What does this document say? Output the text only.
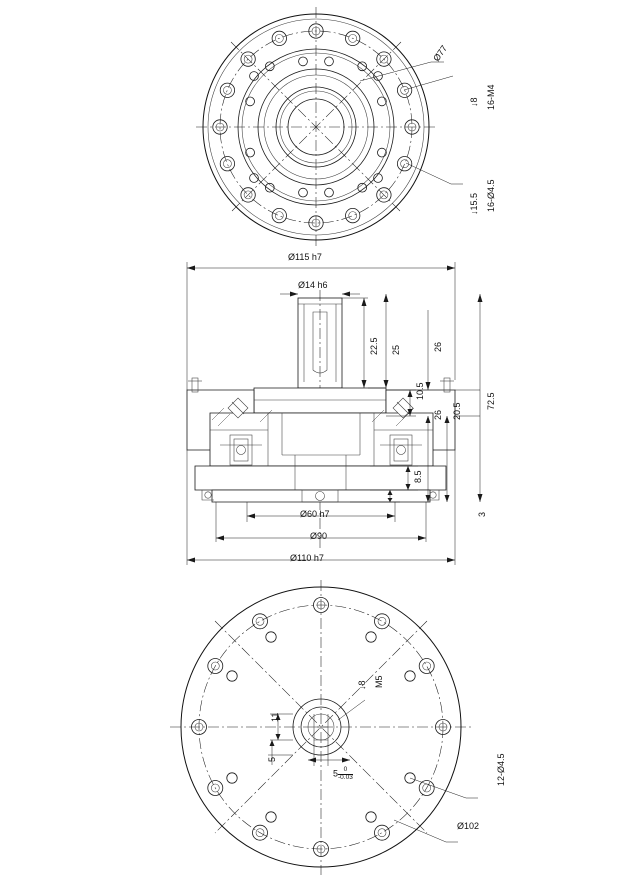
Ø77
16-M4
↓8
16-Ø4.5
↓15.5
Ø115 h7
Ø14 h6
22.5	25	26
10.5
26 20.5
72.5
8.5
3
Ø60 h7
Ø90
Ø110 h7
M5
↓8
11
5
$5 \frac{0}{-0.03}$	12-Ø4.5
Ø102
